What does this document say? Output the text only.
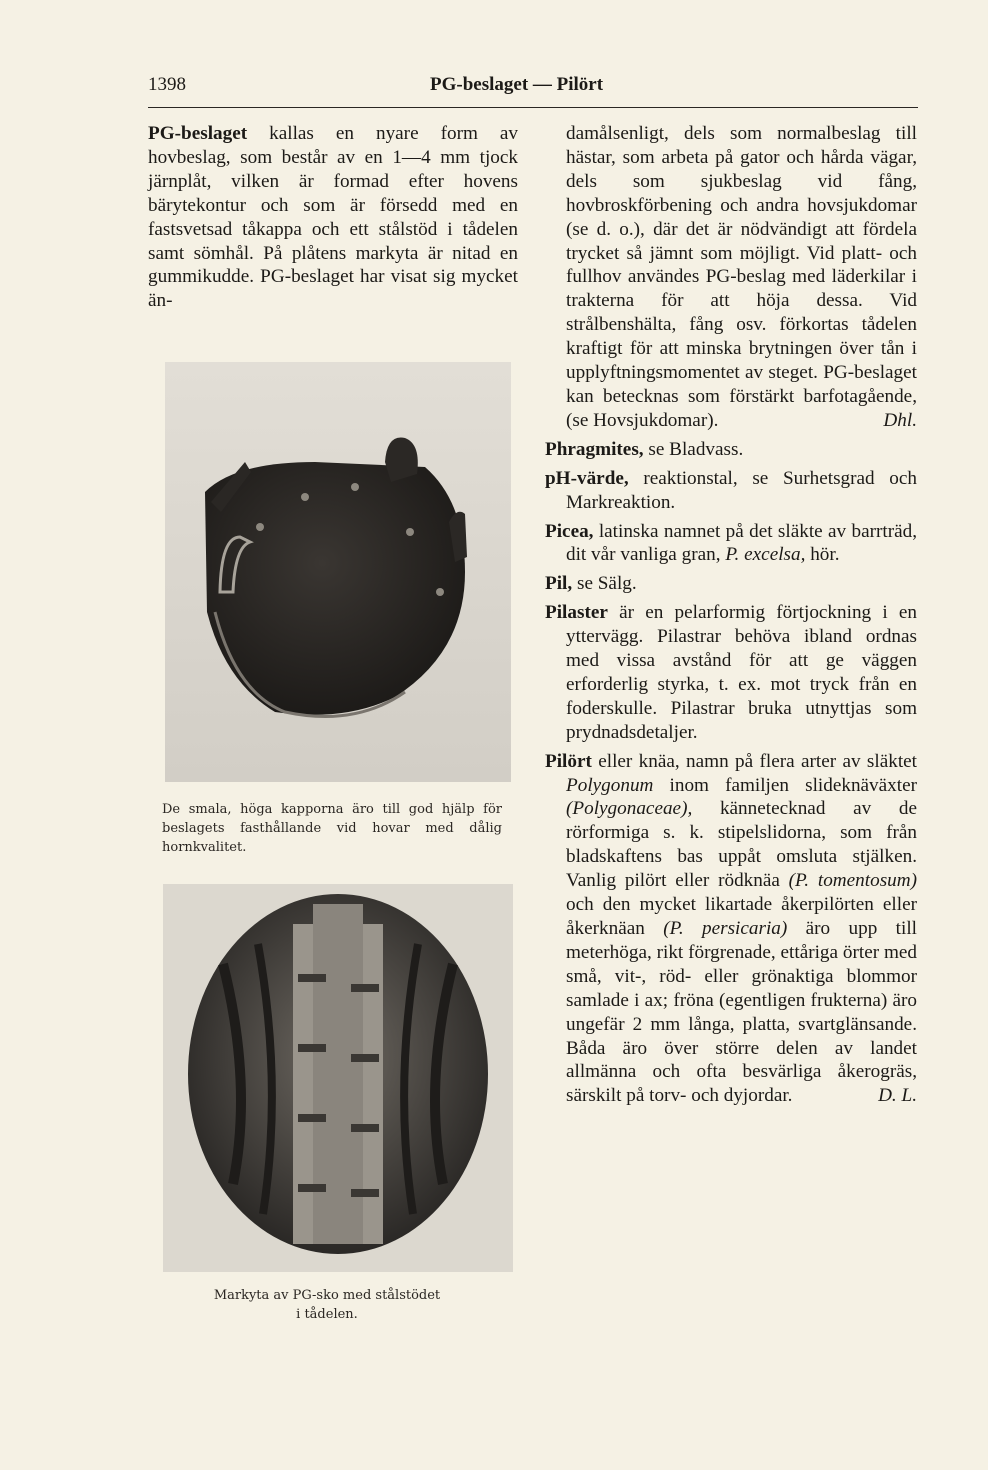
1398	PG-beslaget — Pilört

PG-beslaget kallas en nyare form av hovbeslag, som består av en 1—4 mm tjock järnplåt, vilken är formad efter hovens bärytekontur och som är försedd med en fastsvetsad tåkappa och ett stålstöd i tådelen samt sömhål. På plåtens markyta är nitad en gummikudde. PG-beslaget har visat sig mycket än-

De smala, höga kapporna äro till god hjälp för beslagets fasthållande vid hovar med dålig hornkvalitet.
Markyta av PG-sko med stålstödet
i tådelen.

damålsenligt, dels som normalbeslag till hästar, som arbeta på gator och hårda vägar, dels som sjukbeslag vid fång, hovbroskförbening och andra hovsjukdomar (se d. o.), där det är nödvändigt att fördela trycket så jämnt som möjligt. Vid platt- och fullhov användes PG-beslag med läderkilar i trakterna för att höja dessa. Vid strålbenshälta, fång osv. förkortas tådelen kraftigt för att minska brytningen över tån i upplyftningsmomentet av steget. PG-beslaget kan betecknas som förstärkt barfotagående, (se Hovsjukdomar).	Dhl.

Phragmites, se Bladvass.

pH-värde, reaktionstal, se Surhetsgrad och Markreaktion.

Picea, latinska namnet på det släkte av barrträd, dit vår vanliga gran, P. excelsa, hör.

Pil, se Sälg.

Pilaster är en pelarformig förtjockning i en yttervägg. Pilastrar behöva ibland ordnas med vissa avstånd för att ge väggen erforderlig styrka, t. ex. mot tryck från en foderskulle. Pilastrar bruka utnyttjas som prydnadsdetaljer.

Pilört eller knäa, namn på flera arter av släktet Polygonum inom familjen slideknäväxter (Polygonaceae), kännetecknad av de rörformiga s. k. stipelslidorna, som från bladskaftens bas uppåt omsluta stjälken. Vanlig pilört eller rödknäa (P. tomentosum) och den mycket likartade åkerpilörten eller åkerknäan (P. persicaria) äro upp till meterhöga, rikt förgrenade, ettåriga örter med små, vit-, röd- eller grönaktiga blommor samlade i ax; fröna (egentligen frukterna) äro ungefär 2 mm långa, platta, svartglänsande. Båda äro över större delen av landet allmänna och ofta besvärliga åkerogräs, särskilt på torv- och dyjordar.	D. L.
